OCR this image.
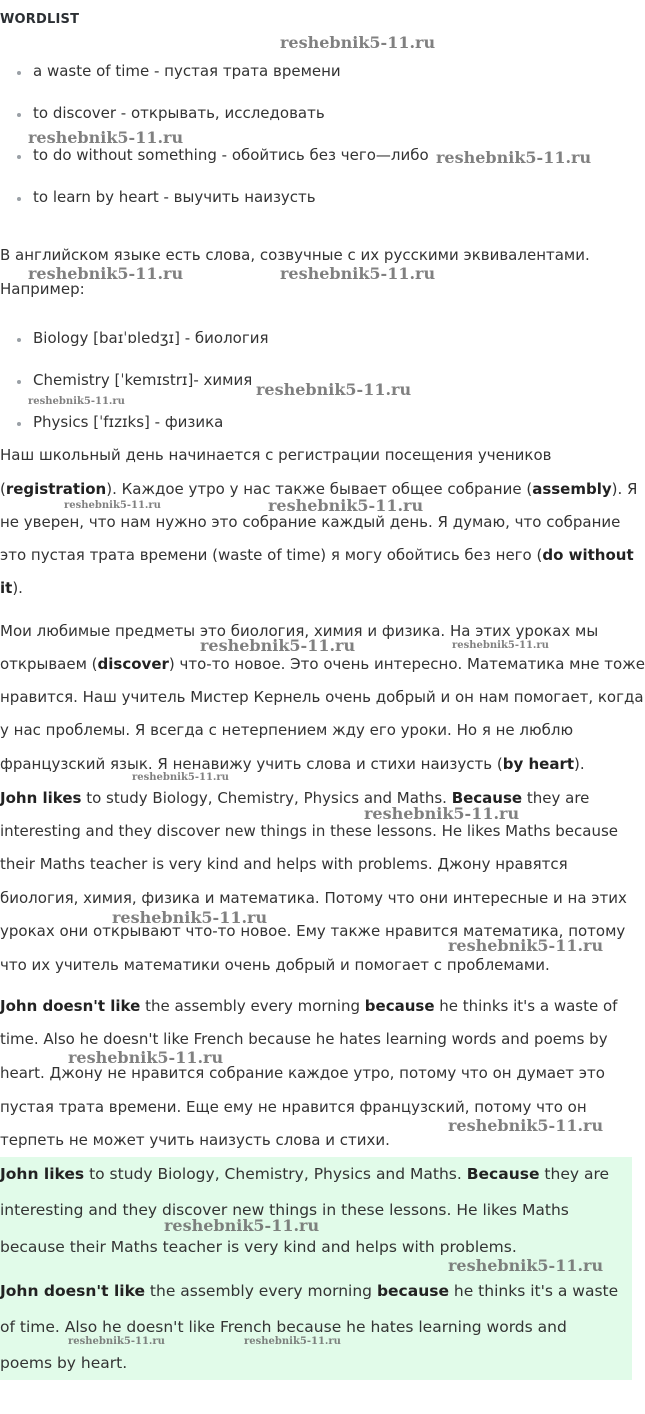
WORDLIST
a waste of time - пустая трата времени
to discover - открывать, исследовать
to do without something - обойтись без чего—либо
to learn by heart - выучить наизусть
В английском языке есть слова, созвучные с их русскими эквивалентами.
Например:
Biology [baɪˈɒledʒɪ] - биология
Chemistry [ˈkemɪstrɪ]- химия
Physics [ˈfɪzɪks] - физика
Наш школьный день начинается с регистрации посещения учеников
(registration). Каждое утро у нас также бывает общее собрание (assembly). Я
не уверен, что нам нужно это собрание каждый день. Я думаю, что собрание
это пустая трата времени (waste of time) я могу обойтись без него (do without
it).
Мои любимые предметы это биология, химия и физика. На этих уроках мы
открываем (discover) что-то новое. Это очень интересно. Математика мне тоже
нравится. Наш учитель Мистер Кернель очень добрый и он нам помогает, когда
у нас проблемы. Я всегда с нетерпением жду его уроки. Но я не люблю
французский язык. Я ненавижу учить слова и стихи наизусть (by heart).
John likes to study Biology, Chemistry, Physics and Maths. Because they are
interesting and they discover new things in these lessons. He likes Maths because
their Maths teacher is very kind and helps with problems. Джону нравятся
биология, химия, физика и математика. Потому что они интересные и на этих
уроках они открывают что-то новое. Ему также нравится математика, потому
что их учитель математики очень добрый и помогает с проблемами.
John doesn't like the assembly every morning because he thinks it's a waste of
time. Also he doesn't like French because he hates learning words and poems by
heart. Джону не нравится собрание каждое утро, потому что он думает это
пустая трата времени. Еще ему не нравится французский, потому что он
терпеть не может учить наизусть слова и стихи.
John likes to study Biology, Chemistry, Physics and Maths. Because they are
interesting and they discover new things in these lessons. He likes Maths
because their Maths teacher is very kind and helps with problems.
John doesn't like the assembly every morning because he thinks it's a waste
of time. Also he doesn't like French because he hates learning words and
poems by heart.
reshebnik5-11.ru
reshebnik5-11.ru
reshebnik5-11.ru
reshebnik5-11.ru	reshebnik5-11.ru
reshebnik5-11.ru
reshebnik5-11.ru
reshebnik5-11.ru	reshebnik5-11.ru
reshebnik5-11.ru	reshebnik5-11.ru
reshebnik5-11.ru
reshebnik5-11.ru
reshebnik5-11.ru
reshebnik5-11.ru
reshebnik5-11.ru
reshebnik5-11.ru
reshebnik5-11.ru
reshebnik5-11.ru
reshebnik5-11.ru	reshebnik5-11.ru
